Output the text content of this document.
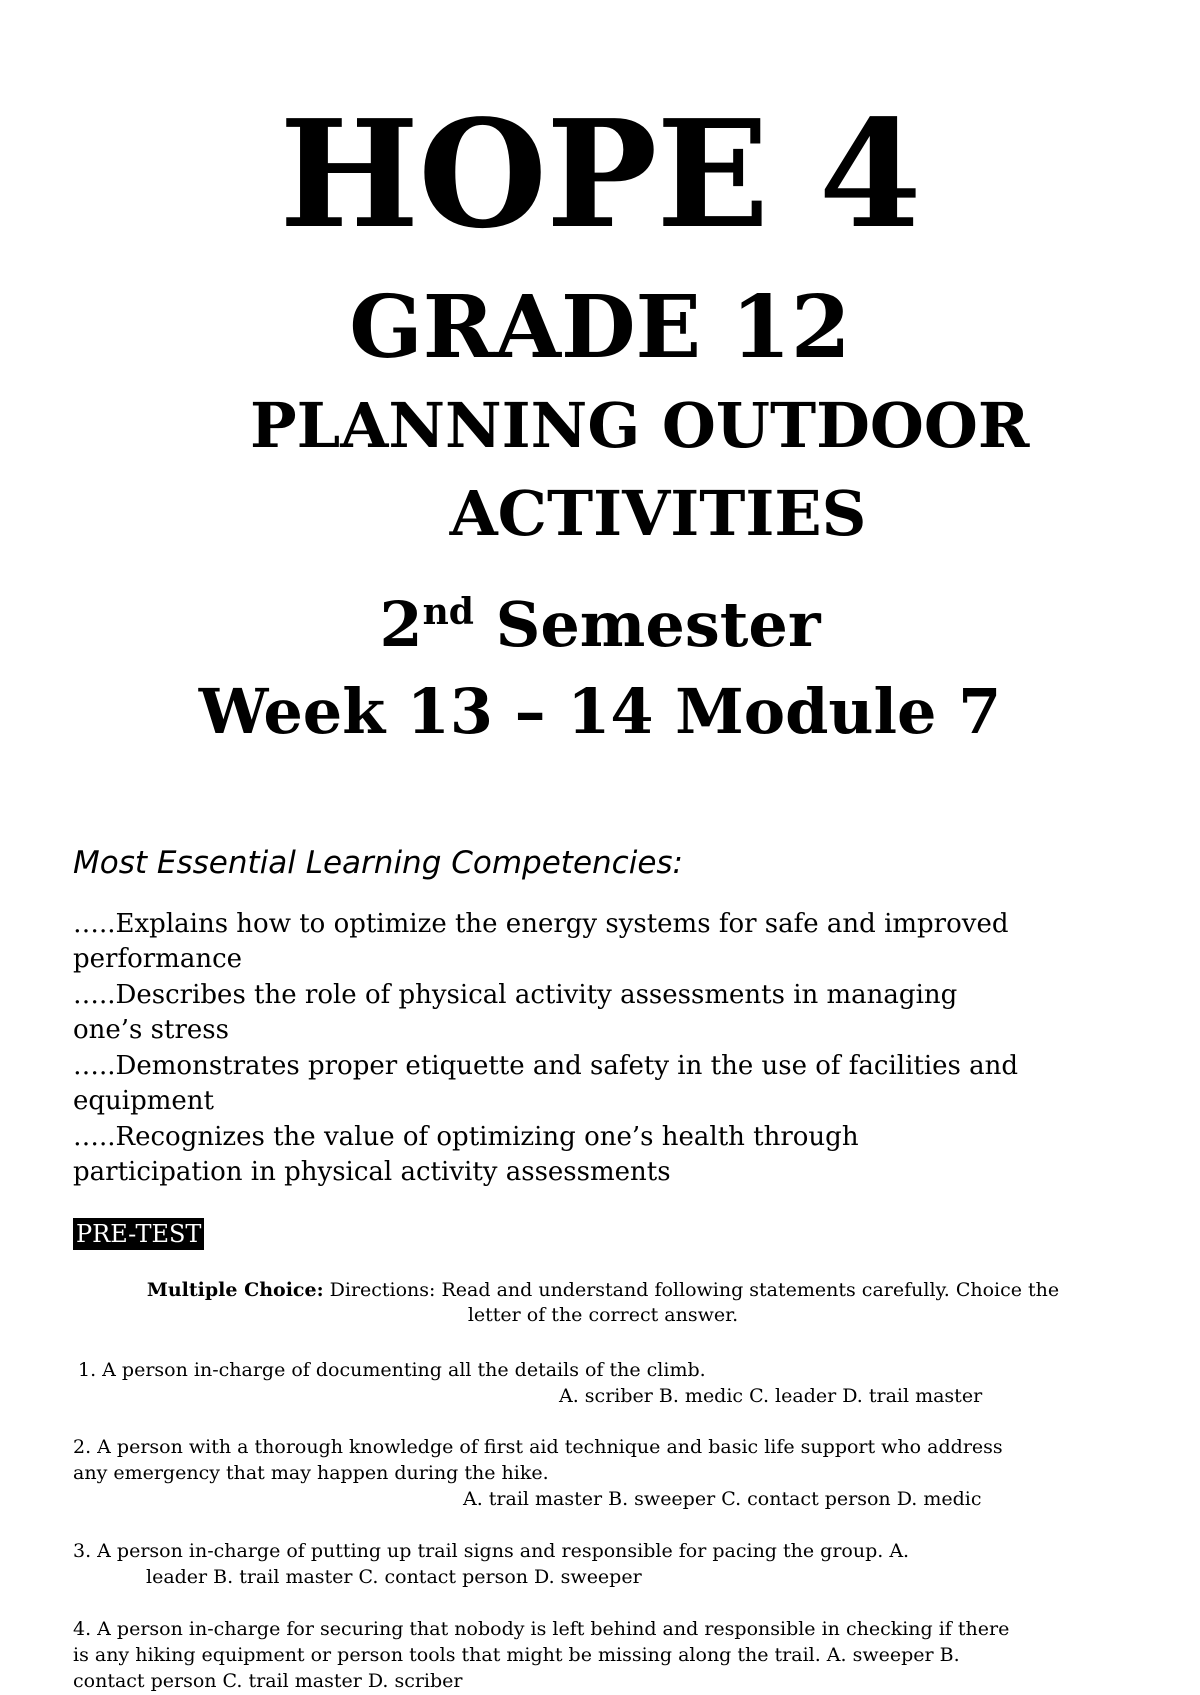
HOPE 4
GRADE 12
PLANNING OUTDOOR
ACTIVITIES
2nd Semester
Week 13 – 14 Module 7
Most Essential Learning Competencies:
…..Explains how to optimize the energy systems for safe and improved
performance
…..Describes the role of physical activity assessments in managing
one’s stress
…..Demonstrates proper etiquette and safety in the use of facilities and
equipment
…..Recognizes the value of optimizing one’s health through
participation in physical activity assessments
PRE-TEST

Multiple Choice: Directions: Read and understand following statements carefully. Choice the
letter of the correct answer.

1. A person in-charge of documenting all the details of the climb.
A. scriber B. medic C. leader D. trail master
2. A person with a thorough knowledge of first aid technique and basic life support who address
any emergency that may happen during the hike.
A. trail master B. sweeper C. contact person D. medic
3. A person in-charge of putting up trail signs and responsible for pacing the group. A.
leader B. trail master C. contact person D. sweeper
4. A person in-charge for securing that nobody is left behind and responsible in checking if there
is any hiking equipment or person tools that might be missing along the trail. A. sweeper B.
contact person C. trail master D. scriber
